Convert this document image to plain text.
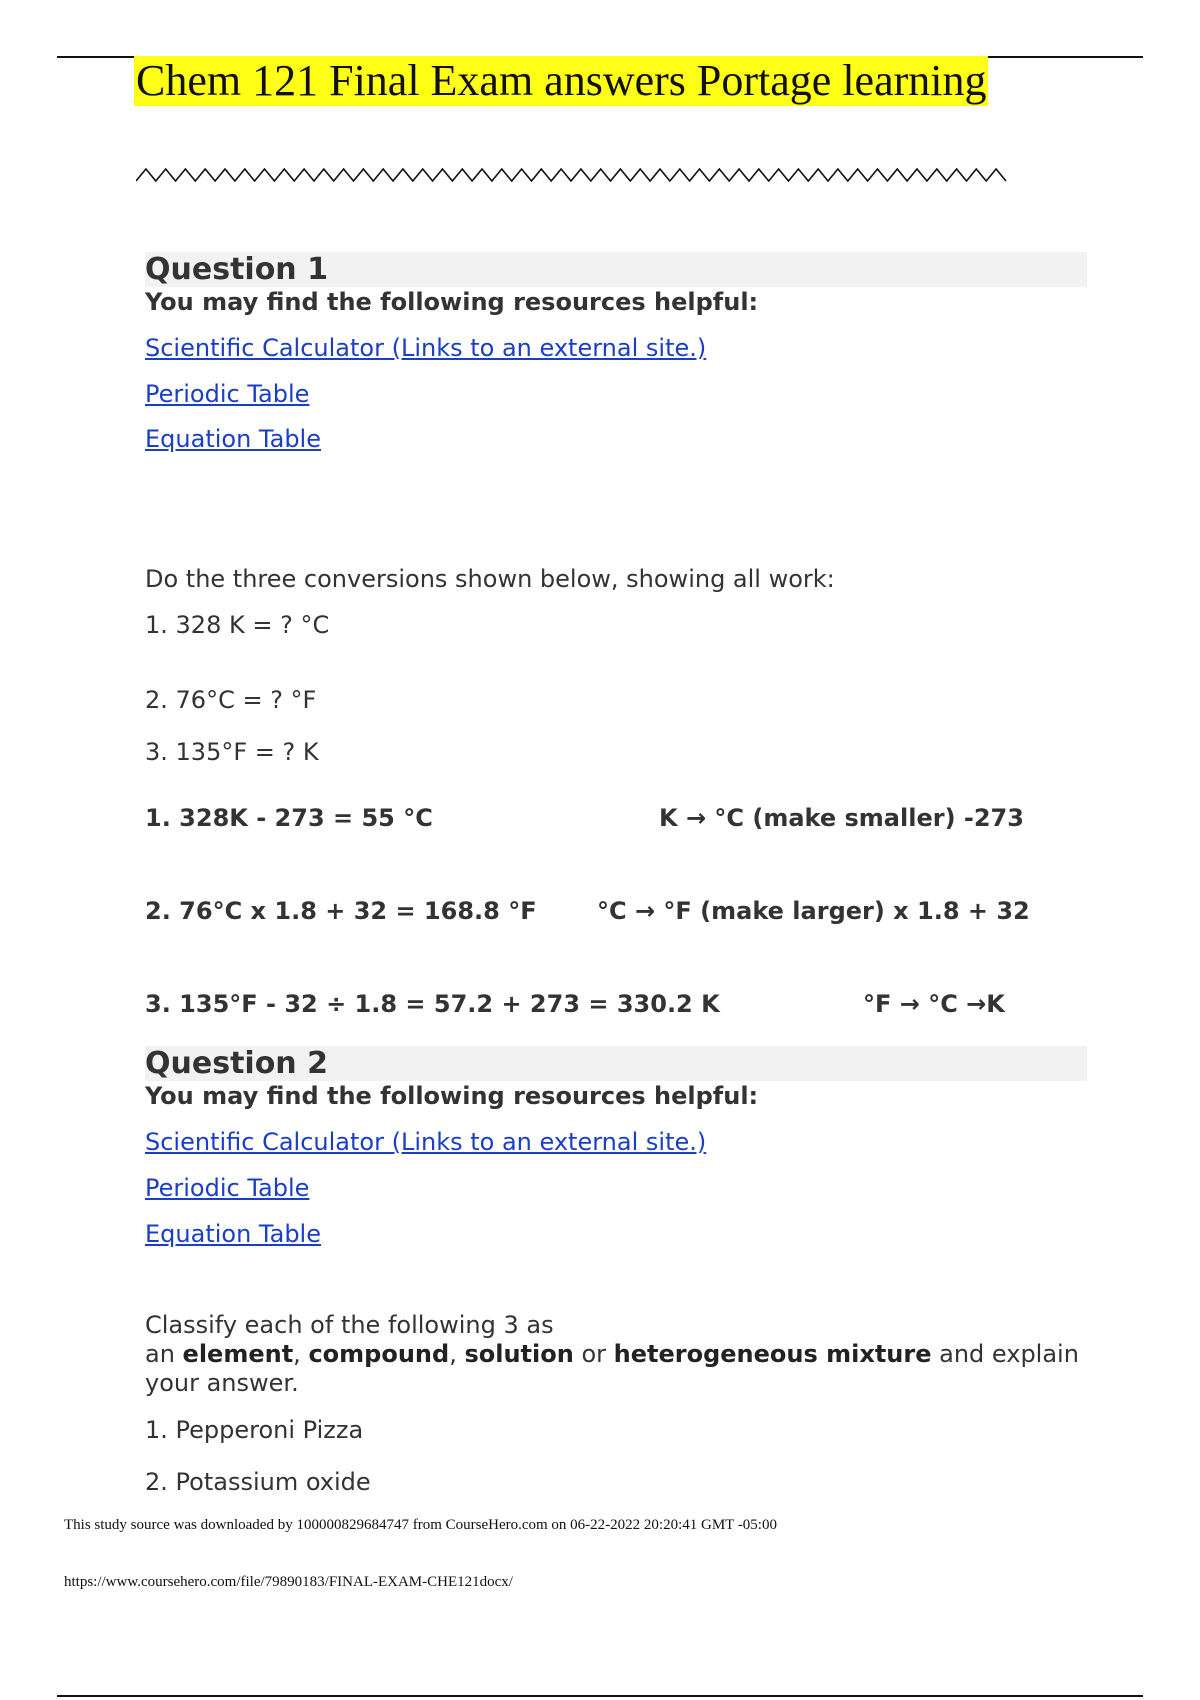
Chem 121 Final Exam answers Portage learning
Question 1
You may find the following resources helpful:
Scientific Calculator (Links to an external site.)
Periodic Table
Equation Table
Do the three conversions shown below, showing all work:
1. 328 K = ? °C
2. 76°C = ? °F
3. 135°F = ? K
1. 328K - 273 = 55 °C	K → °C (make smaller) -273
2. 76°C x 1.8 + 32 = 168.8 °F	°C → °F (make larger) x 1.8 + 32
3. 135°F - 32 ÷ 1.8 = 57.2 + 273 = 330.2 K	°F → °C →K
Question 2
You may find the following resources helpful:
Scientific Calculator (Links to an external site.)
Periodic Table
Equation Table
Classify each of the following 3 as
an element, compound, solution or heterogeneous mixture and explain your answer.
1. Pepperoni Pizza
2. Potassium oxide
This study source was downloaded by 100000829684747 from CourseHero.com on 06-22-2022 20:20:41 GMT -05:00
https://www.coursehero.com/file/79890183/FINAL-EXAM-CHE121docx/
